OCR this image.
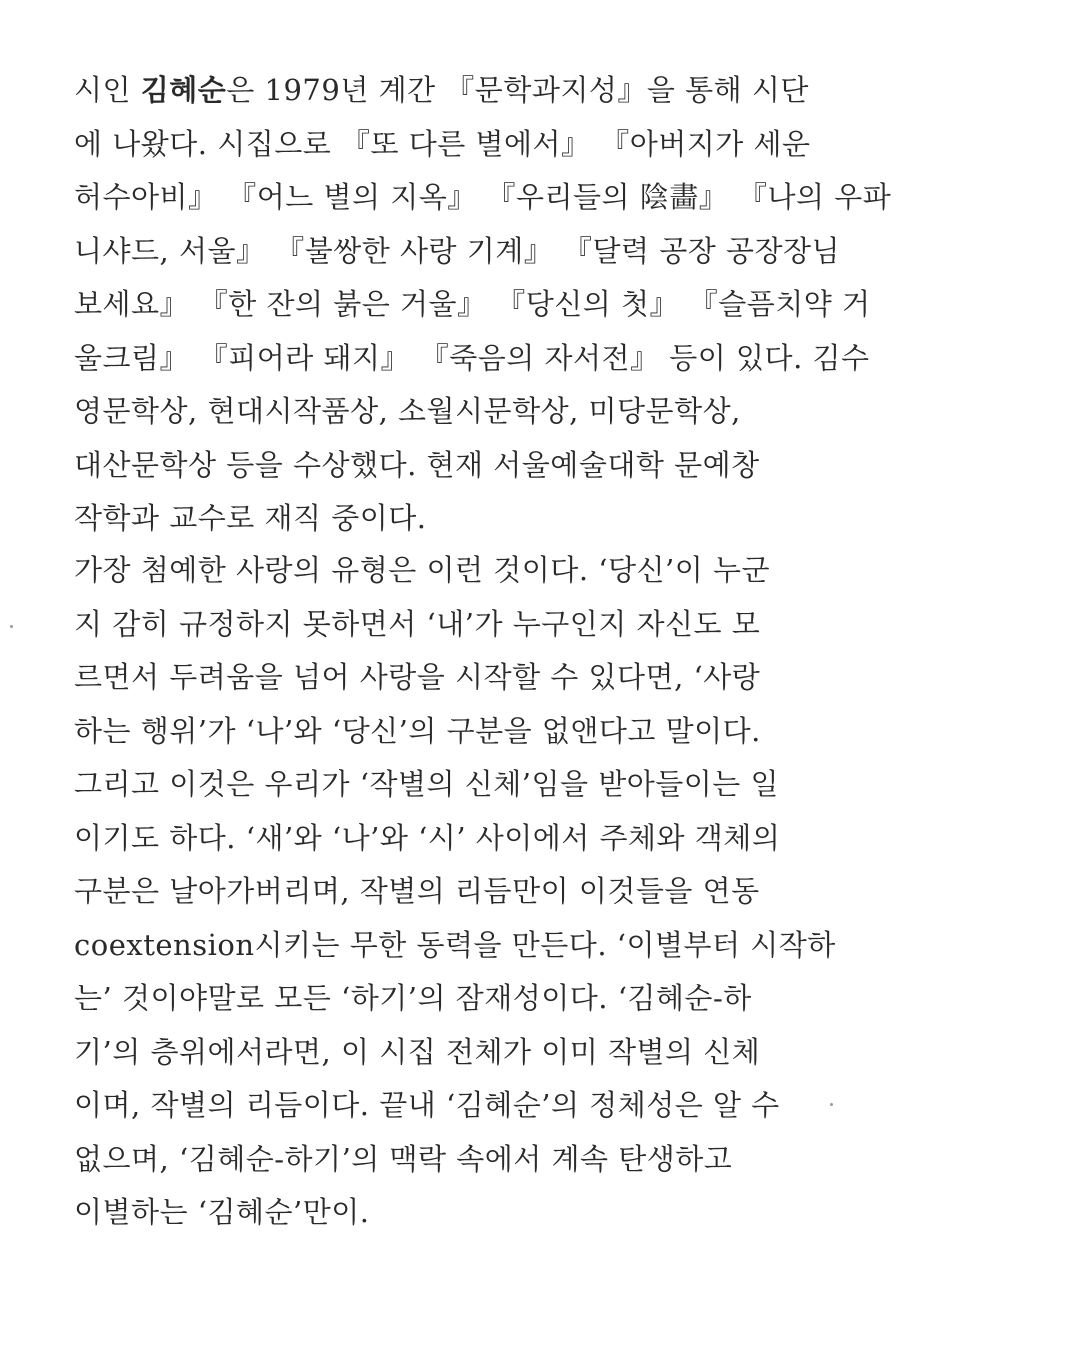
시인 김혜순은 1979년 계간 『문학과지성』을 통해 시단
에 나왔다. 시집으로 『또 다른 별에서』 『아버지가 세운
허수아비』 『어느 별의 지옥』 『우리들의 陰畵』 『나의 우파
니샤드, 서울』 『불쌍한 사랑 기계』 『달력 공장 공장장님
보세요』 『한 잔의 붉은 거울』 『당신의 첫』 『슬픔치약 거
울크림』 『피어라 돼지』 『죽음의 자서전』 등이 있다. 김수
영문학상, 현대시작품상, 소월시문학상, 미당문학상,
대산문학상 등을 수상했다. 현재 서울예술대학 문예창
작학과 교수로 재직 중이다.
가장 첨예한 사랑의 유형은 이런 것이다. ‘당신’이 누군
지 감히 규정하지 못하면서 ‘내’가 누구인지 자신도 모
르면서 두려움을 넘어 사랑을 시작할 수 있다면, ‘사랑
하는 행위’가 ‘나’와 ‘당신’의 구분을 없앤다고 말이다.
그리고 이것은 우리가 ‘작별의 신체’임을 받아들이는 일
이기도 하다. ‘새’와 ‘나’와 ‘시’ 사이에서 주체와 객체의
구분은 날아가버리며, 작별의 리듬만이 이것들을 연동
coextension시키는 무한 동력을 만든다. ‘이별부터 시작하
는’ 것이야말로 모든 ‘하기’의 잠재성이다. ‘김혜순-하
기’의 층위에서라면, 이 시집 전체가 이미 작별의 신체
이며, 작별의 리듬이다. 끝내 ‘김혜순’의 정체성은 알 수
없으며, ‘김혜순-하기’의 맥락 속에서 계속 탄생하고
이별하는 ‘김혜순’만이.
